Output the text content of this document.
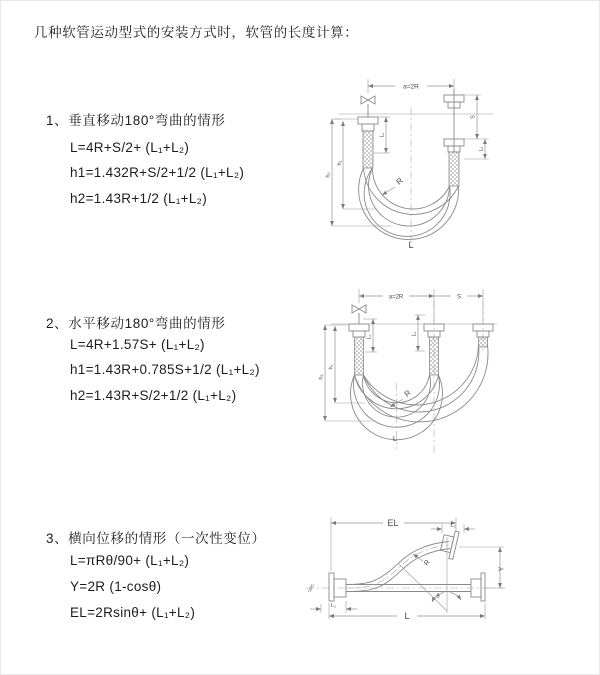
几种软管运动型式的安装方式时，软管的长度计算：
1、垂直移动180°弯曲的情形
L=4R+S/2+ (L₁+L₂)
h1=1.432R+S/2+1/2 (L₁+L₂)
h2=1.43R+1/2 (L₁+L₂)
2、水平移动180°弯曲的情形
L=4R+1.57S+ (L₁+L₂)
h1=1.43R+0.785S+1/2 (L₁+L₂)
h2=1.43R+S/2+1/2 (L₁+L₂)
3、横向位移的情形（一次性变位）
L=πRθ/90+ (L₁+L₂)
Y=2R (1-cosθ)
EL=2Rsinθ+ (L₁+L₂)
a=2R
S
L₂
L₁
h₁
h₂
R
L
a=2R	S
L₁
L₂
h₁
h₂
R
L
θ
R
EL	L₂
Y
L
L₁
